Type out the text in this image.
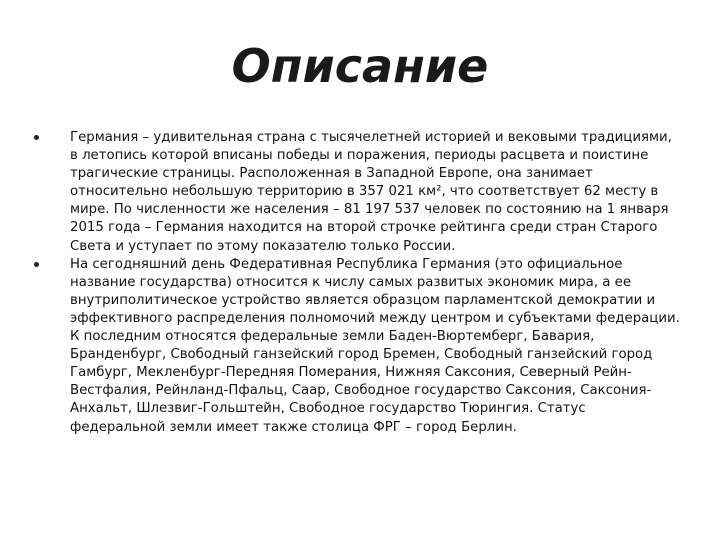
Описание
Германия – удивительная страна с тысячелетней историей и вековыми традициями, в летопись которой вписаны победы и поражения, периоды расцвета и поистине трагические страницы. Расположенная в Западной Европе, она занимает относительно небольшую территорию в 357 021 км², что соответствует 62 месту в мире. По численности же населения – 81 197 537 человек по состоянию на 1 января 2015 года – Германия находится на второй строчке рейтинга среди стран Старого Света и уступает по этому показателю только России.
На сегодняшний день Федеративная Республика Германия (это официальное название государства) относится к числу самых развитых экономик мира, а ее внутриполитическое устройство является образцом парламентской демократии и эффективного распределения полномочий между центром и субъектами федерации. К последним относятся федеральные земли Баден-Вюртемберг, Бавария, Бранденбург, Свободный ганзейский город Бремен, Свободный ганзейский город Гамбург, Мекленбург-Передняя Померания, Нижняя Саксония, Северный Рейн-Вестфалия, Рейнланд-Пфальц, Саар, Свободное государство Саксония, Саксония-Анхальт, Шлезвиг-Гольштейн, Свободное государство Тюрингия. Статус федеральной земли имеет также столица ФРГ – город Берлин.
